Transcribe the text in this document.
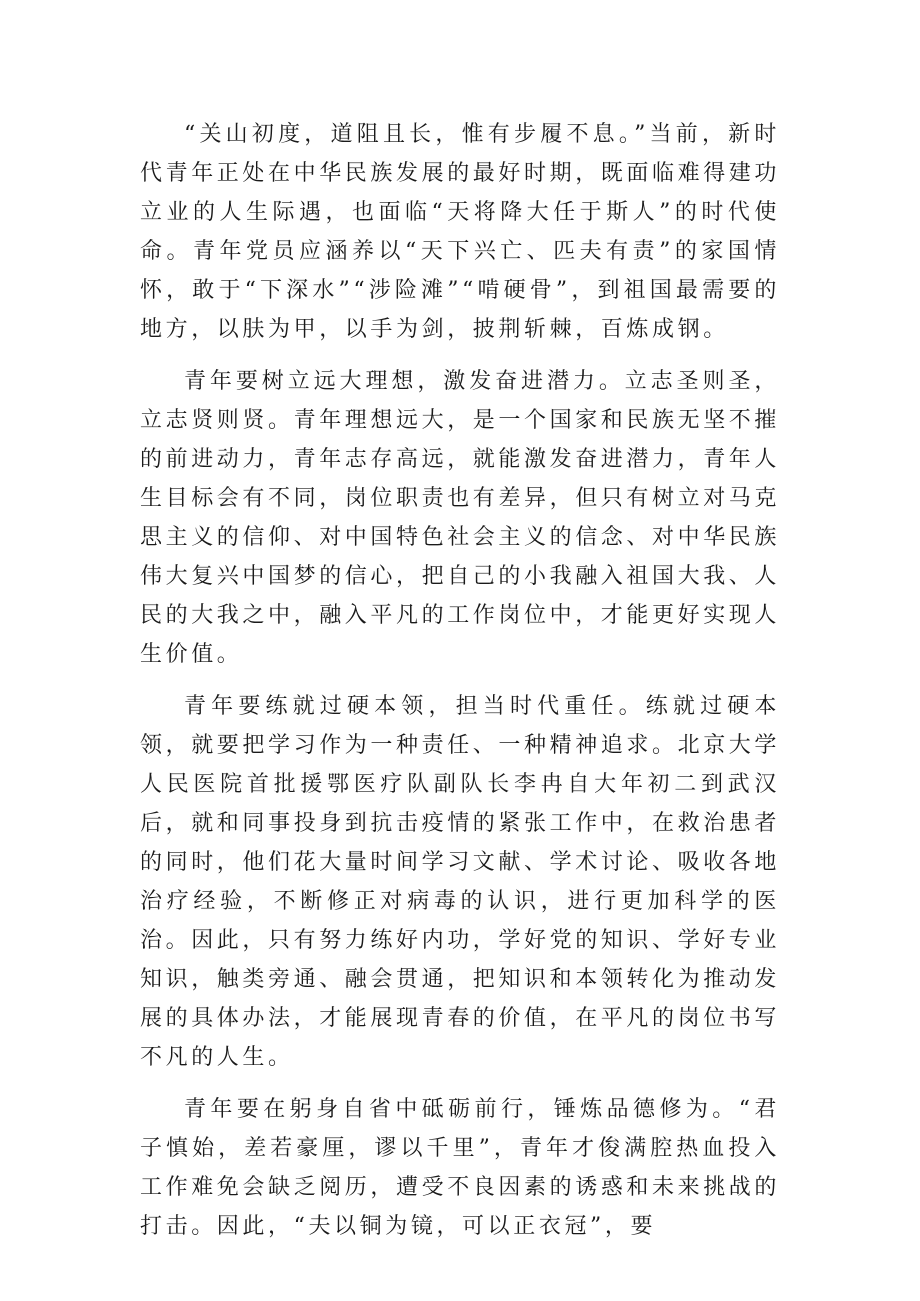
“关山初度，道阻且长，惟有步履不息。”当前，新时代青年正处在中华民族发展的最好时期，既面临难得建功立业的人生际遇，也面临“天将降大任于斯人”的时代使命。青年党员应涵养以“天下兴亡、匹夫有责”的家国情怀，敢于“下深水”“涉险滩”“啃硬骨”，到祖国最需要的地方，以肤为甲，以手为剑，披荆斩棘，百炼成钢。

青年要树立远大理想，激发奋进潜力。立志圣则圣，立志贤则贤。青年理想远大，是一个国家和民族无坚不摧的前进动力，青年志存高远，就能激发奋进潜力，青年人生目标会有不同，岗位职责也有差异，但只有树立对马克思主义的信仰、对中国特色社会主义的信念、对中华民族伟大复兴中国梦的信心，把自己的小我融入祖国大我、人民的大我之中，融入平凡的工作岗位中，才能更好实现人生价值。

青年要练就过硬本领，担当时代重任。练就过硬本领，就要把学习作为一种责任、一种精神追求。北京大学人民医院首批援鄂医疗队副队长李冉自大年初二到武汉后，就和同事投身到抗击疫情的紧张工作中，在救治患者的同时，他们花大量时间学习文献、学术讨论、吸收各地治疗经验，不断修正对病毒的认识，进行更加科学的医治。因此，只有努力练好内功，学好党的知识、学好专业知识，触类旁通、融会贯通，把知识和本领转化为推动发展的具体办法，才能展现青春的价值，在平凡的岗位书写不凡的人生。

青年要在躬身自省中砥砺前行，锤炼品德修为。“君子慎始，差若豪厘，谬以千里”，青年才俊满腔热血投入工作难免会缺乏阅历，遭受不良因素的诱惑和未来挑战的打击。因此，“夫以铜为镜，可以正衣冠”，要
